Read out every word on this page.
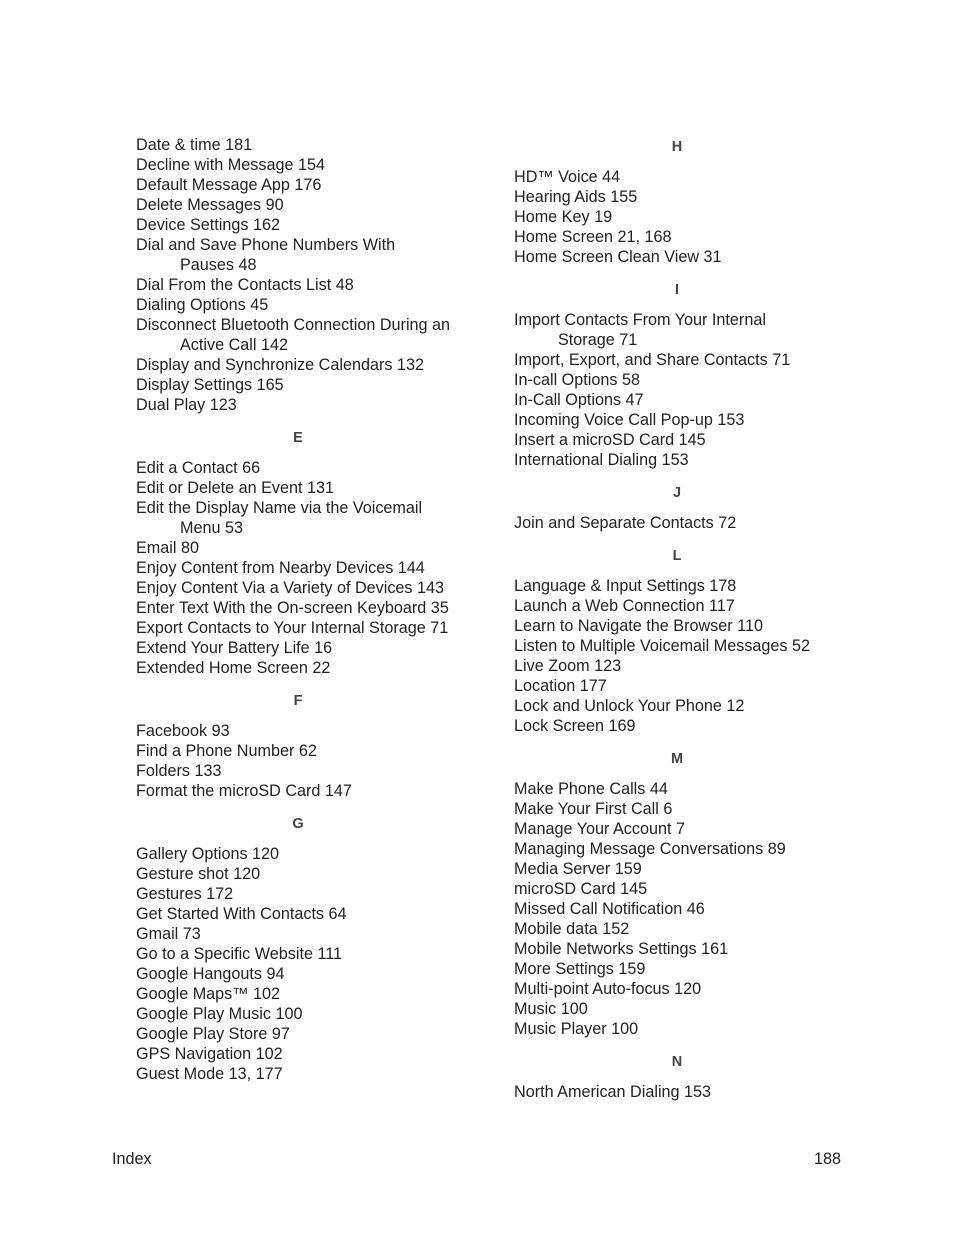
Date & time 181
Decline with Message 154
Default Message App 176
Delete Messages 90
Device Settings 162
Dial and Save Phone Numbers With
Pauses 48
Dial From the Contacts List 48
Dialing Options 45
Disconnect Bluetooth Connection During an
Active Call 142
Display and Synchronize Calendars 132
Display Settings 165
Dual Play 123
E
Edit a Contact 66
Edit or Delete an Event 131
Edit the Display Name via the Voicemail
Menu 53
Email 80
Enjoy Content from Nearby Devices 144
Enjoy Content Via a Variety of Devices 143
Enter Text With the On-screen Keyboard 35
Export Contacts to Your Internal Storage 71
Extend Your Battery Life 16
Extended Home Screen 22
F
Facebook 93
Find a Phone Number 62
Folders 133
Format the microSD Card 147
G
Gallery Options 120
Gesture shot 120
Gestures 172
Get Started With Contacts 64
Gmail 73
Go to a Specific Website 111
Google Hangouts 94
Google Maps™ 102
Google Play Music 100
Google Play Store 97
GPS Navigation 102
Guest Mode 13, 177
H
HD™ Voice 44
Hearing Aids 155
Home Key 19
Home Screen 21, 168
Home Screen Clean View 31
I
Import Contacts From Your Internal
Storage 71
Import, Export, and Share Contacts 71
In-call Options 58
In-Call Options 47
Incoming Voice Call Pop-up 153
Insert a microSD Card 145
International Dialing 153
J
Join and Separate Contacts 72
L
Language & Input Settings 178
Launch a Web Connection 117
Learn to Navigate the Browser 110
Listen to Multiple Voicemail Messages 52
Live Zoom 123
Location 177
Lock and Unlock Your Phone 12
Lock Screen 169
M
Make Phone Calls 44
Make Your First Call 6
Manage Your Account 7
Managing Message Conversations 89
Media Server 159
microSD Card 145
Missed Call Notification 46
Mobile data 152
Mobile Networks Settings 161
More Settings 159
Multi-point Auto-focus 120
Music 100
Music Player 100
N
North American Dialing 153
Index	188
